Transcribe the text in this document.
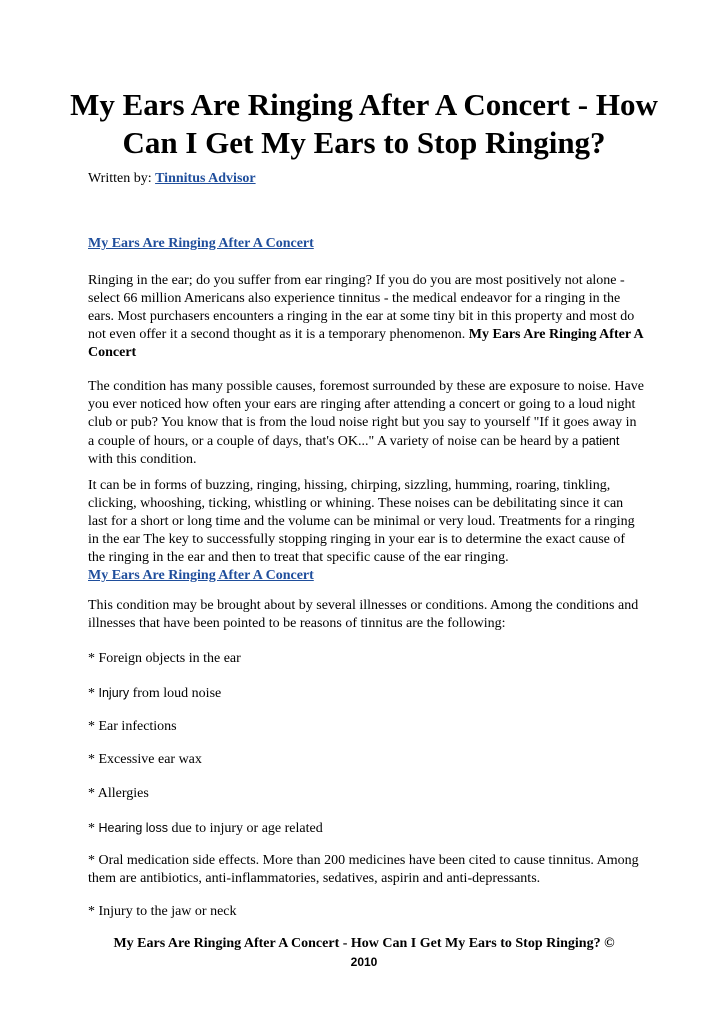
My Ears Are Ringing After A Concert - How Can I Get My Ears to Stop Ringing?
Written by: Tinnitus Advisor
My Ears Are Ringing After A Concert

Ringing in the ear; do you suffer from ear ringing? If you do you are most positively not alone - select 66 million Americans also experience tinnitus - the medical endeavor for a ringing in the ears. Most purchasers encounters a ringing in the ear at some tiny bit in this property and most do not even offer it a second thought as it is a temporary phenomenon. My Ears Are Ringing After A Concert

The condition has many possible causes, foremost surrounded by these are exposure to noise. Have you ever noticed how often your ears are ringing after attending a concert or going to a loud night club or pub? You know that is from the loud noise right but you say to yourself "If it goes away in a couple of hours, or a couple of days, that's OK..." A variety of noise can be heard by a patient with this condition.

It can be in forms of buzzing, ringing, hissing, chirping, sizzling, humming, roaring, tinkling, clicking, whooshing, ticking, whistling or whining. These noises can be debilitating since it can last for a short or long time and the volume can be minimal or very loud. Treatments for a ringing in the ear The key to successfully stopping ringing in your ear is to determine the exact cause of the ringing in the ear and then to treat that specific cause of the ear ringing.
My Ears Are Ringing After A Concert

This condition may be brought about by several illnesses or conditions. Among the conditions and illnesses that have been pointed to be reasons of tinnitus are the following:

* Foreign objects in the ear

* Injury from loud noise

* Ear infections

* Excessive ear wax

* Allergies

* Hearing loss due to injury or age related

* Oral medication side effects. More than 200 medicines have been cited to cause tinnitus. Among them are antibiotics, anti-inflammatories, sedatives, aspirin and anti-depressants.

* Injury to the jaw or neck

My Ears Are Ringing After A Concert - How Can I Get My Ears to Stop Ringing? ©
2010
